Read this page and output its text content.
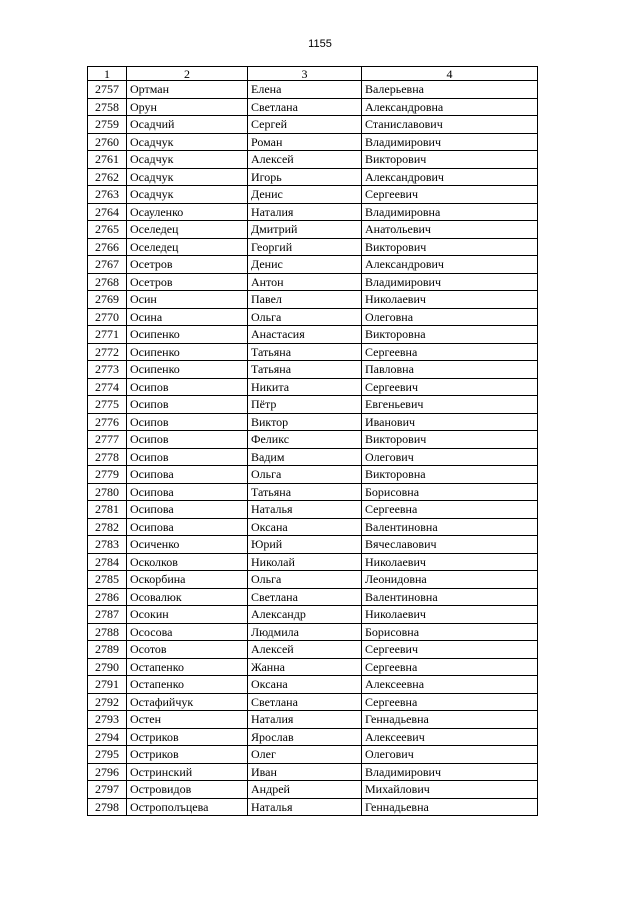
1155
1	2	3	4
2757	Ортман	Елена	Валерьевна
2758	Орун	Светлана	Александровна
2759	Осадчий	Сергей	Станиславович
2760	Осадчук	Роман	Владимирович
2761	Осадчук	Алексей	Викторович
2762	Осадчук	Игорь	Александрович
2763	Осадчук	Денис	Сергеевич
2764	Осауленко	Наталия	Владимировна
2765	Оселедец	Дмитрий	Анатольевич
2766	Оселедец	Георгий	Викторович
2767	Осетров	Денис	Александрович
2768	Осетров	Антон	Владимирович
2769	Осин	Павел	Николаевич
2770	Осина	Ольга	Олеговна
2771	Осипенко	Анастасия	Викторовна
2772	Осипенко	Татьяна	Сергеевна
2773	Осипенко	Татьяна	Павловна
2774	Осипов	Никита	Сергеевич
2775	Осипов	Пётр	Евгеньевич
2776	Осипов	Виктор	Иванович
2777	Осипов	Феликс	Викторович
2778	Осипов	Вадим	Олегович
2779	Осипова	Ольга	Викторовна
2780	Осипова	Татьяна	Борисовна
2781	Осипова	Наталья	Сергеевна
2782	Осипова	Оксана	Валентиновна
2783	Осиченко	Юрий	Вячеславович
2784	Осколков	Николай	Николаевич
2785	Оскорбина	Ольга	Леонидовна
2786	Осовалюк	Светлана	Валентиновна
2787	Осокин	Александр	Николаевич
2788	Ососова	Людмила	Борисовна
2789	Осотов	Алексей	Сергеевич
2790	Остапенко	Жанна	Сергеевна
2791	Остапенко	Оксана	Алексеевна
2792	Остафийчук	Светлана	Сергеевна
2793	Остен	Наталия	Геннадьевна
2794	Остриков	Ярослав	Алексеевич
2795	Остриков	Олег	Олегович
2796	Остринский	Иван	Владимирович
2797	Островидов	Андрей	Михайлович
2798	Острополъцева	Наталья	Геннадьевна
